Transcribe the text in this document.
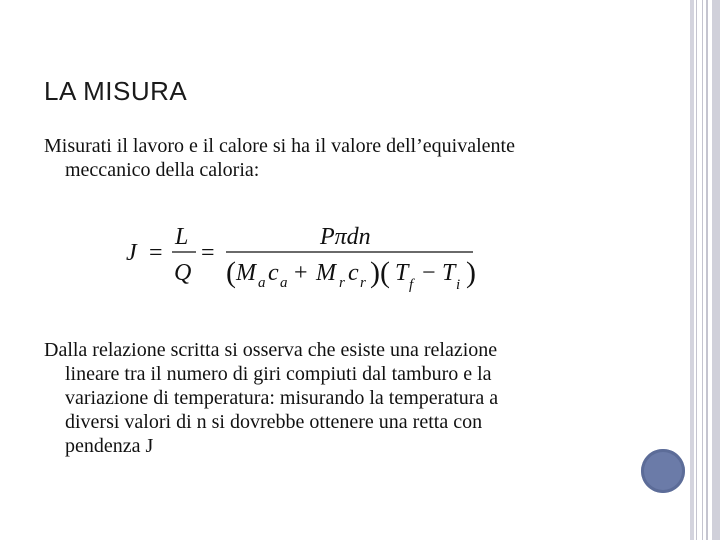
LA MISURA
Misurati il lavoro e il calore si ha il valore dell’equivalente
meccanico della caloria:
J =
L
Q
=
Pπdn
( M a c a + M r c r )( T f − T i )
Dalla relazione scritta si osserva che esiste una relazione
lineare tra il numero di giri compiuti dal tamburo e la
variazione di temperatura: misurando la temperatura a
diversi valori di n si dovrebbe ottenere una retta con
pendenza J
